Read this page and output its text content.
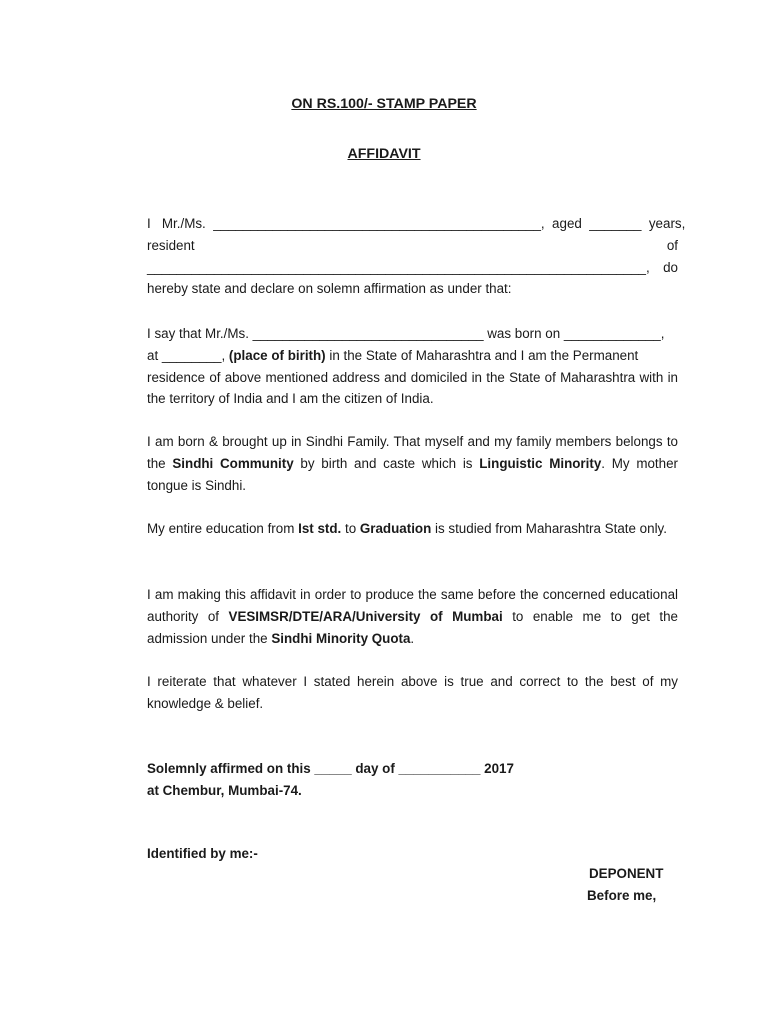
ON RS.100/- STAMP PAPER
AFFIDAVIT
I   Mr./Ms.  ____________________________________________,  aged  _______  years,
resident	of
___________________________________________________________________, do
hereby state and declare on solemn affirmation as under that:
I say that Mr./Ms. _______________________________ was born on _____________,
at ________, (place of birith) in the State of Maharashtra and I am the Permanent
residence of above mentioned address and domiciled in the State of Maharashtra with in the territory of India and I am the citizen of India.
I am born & brought up in Sindhi Family. That myself and my family members belongs to the Sindhi Community by birth and caste which is Linguistic Minority. My mother tongue is Sindhi.
My entire education from Ist std. to Graduation is studied from Maharashtra State only.
I am making this affidavit in order to produce the same before the concerned educational authority of VESIMSR/DTE/ARA/University of Mumbai to enable me to get the admission under the Sindhi Minority Quota.
I reiterate that whatever I stated herein above is true and correct to the best of my knowledge & belief.
Solemnly affirmed on this _____ day of ___________ 2017
at Chembur, Mumbai-74.
Identified by me:-
DEPONENT
Before me,
